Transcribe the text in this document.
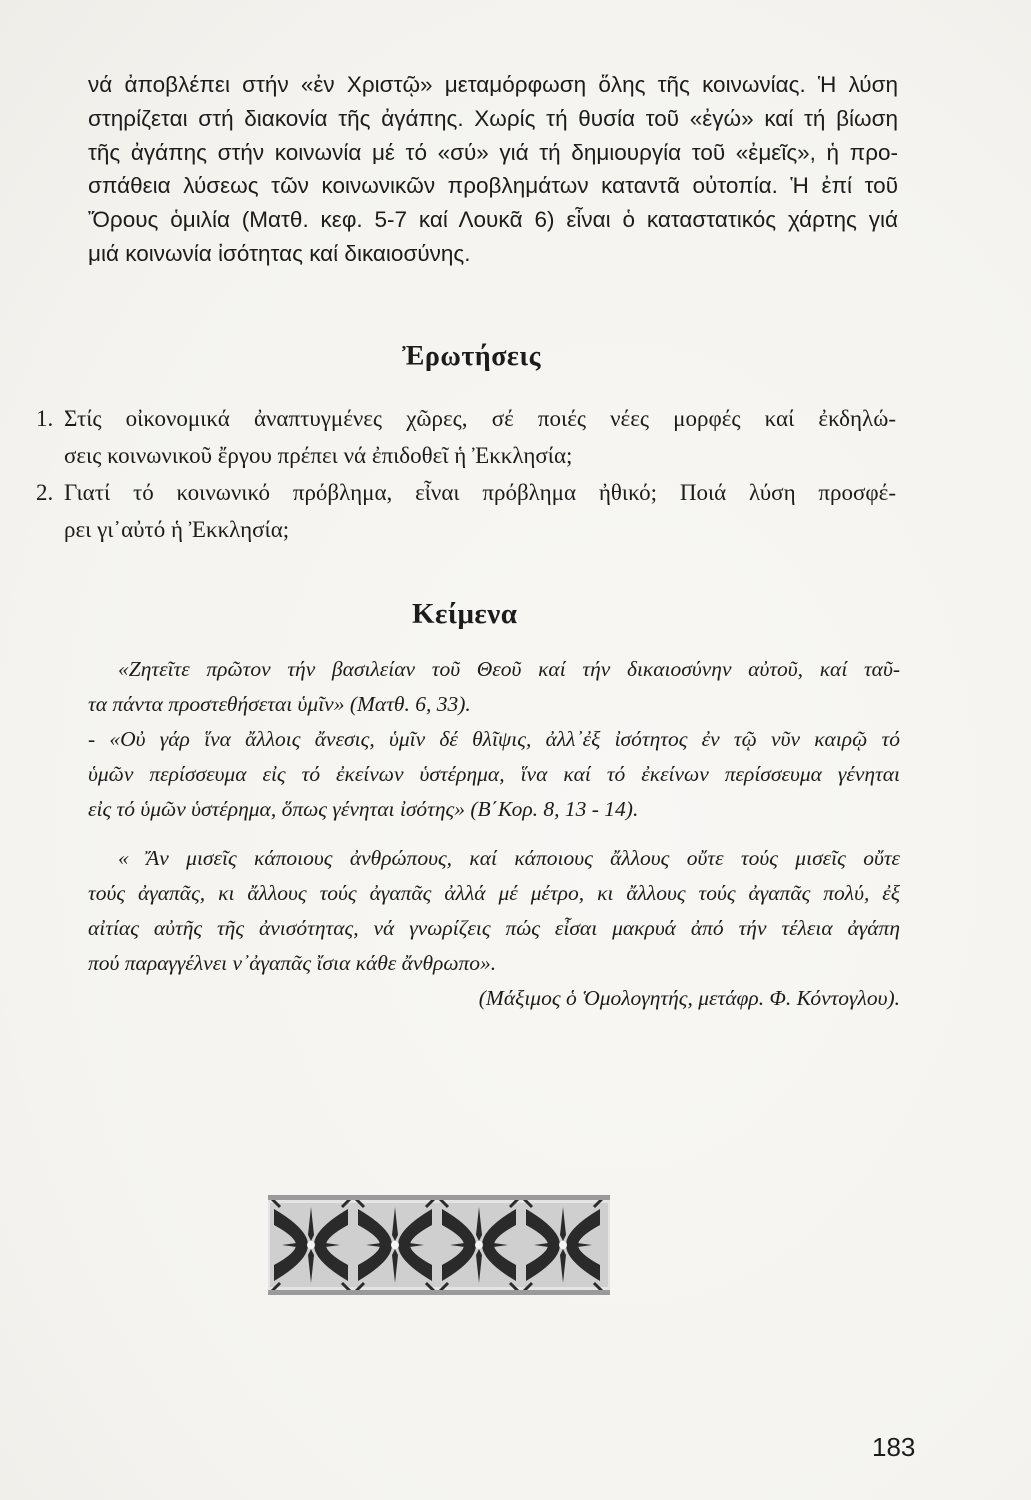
νά ἀποβλέπει στήν «ἐν Χριστῷ» μεταμόρφωση ὅλης τῆς κοινωνίας. Ἡ λύση
στηρίζεται στή διακονία τῆς ἀγάπης. Χωρίς τή θυσία τοῦ «ἐγώ» καί τή βίωση
τῆς ἀγάπης στήν κοινωνία μέ τό «σύ» γιά τή δημιουργία τοῦ «ἐμεῖς», ἡ προ-
σπάθεια λύσεως τῶν κοινωνικῶν προβλημάτων καταντᾶ οὐτοπία. Ἡ ἐπί τοῦ
Ὄρους ὁμιλία (Ματθ. κεφ. 5-7 καί Λουκᾶ 6) εἶναι ὁ καταστατικός χάρτης γιά
μιά κοινωνία ἰσότητας καί δικαιοσύνης.
Ἐρωτήσεις
1. Στίς οἰκονομικά ἀναπτυγμένες χῶρες, σέ ποιές νέες μορφές καί ἐκδηλώ-
σεις κοινωνικοῦ ἔργου πρέπει νά ἐπιδοθεῖ ἡ Ἐκκλησία;
2. Γιατί τό κοινωνικό πρόβλημα, εἶναι πρόβλημα ἠθικό; Ποιά λύση προσφέ-
ρει γι᾽αὐτό ἡ Ἐκκλησία;
Κείμενα
«Ζητεῖτε πρῶτον τήν βασιλείαν τοῦ Θεοῦ καί τήν δικαιοσύνην αὐτοῦ, καί ταῦ-
τα πάντα προστεθήσεται ὑμῖν» (Ματθ. 6, 33).
- «Οὐ γάρ ἵνα ἄλλοις ἄνεσις, ὑμῖν δέ θλῖψις, ἀλλ᾽ἐξ ἰσότητος ἐν τῷ νῦν καιρῷ τό
ὑμῶν περίσσευμα εἰς τό ἐκείνων ὑστέρημα, ἵνα καί τό ἐκείνων περίσσευμα γένηται
εἰς τό ὑμῶν ὑστέρημα, ὅπως γένηται ἰσότης» (Β΄Κορ. 8, 13 - 14).
« Ἄν μισεῖς κάποιους ἀνθρώπους, καί κάποιους ἄλλους οὔτε τούς μισεῖς οὔτε
τούς ἀγαπᾶς, κι ἄλλους τούς ἀγαπᾶς ἀλλά μέ μέτρο, κι ἄλλους τούς ἀγαπᾶς πολύ, ἐξ
αἰτίας αὐτῆς τῆς ἀνισότητας, νά γνωρίζεις πώς εἶσαι μακρυά ἀπό τήν τέλεια ἀγάπη
πού παραγγέλνει ν᾽ἀγαπᾶς ἴσια κάθε ἄνθρωπο».
(Μάξιμος ὁ Ὁμολογητής, μετάφρ. Φ. Κόντογλου).

183
